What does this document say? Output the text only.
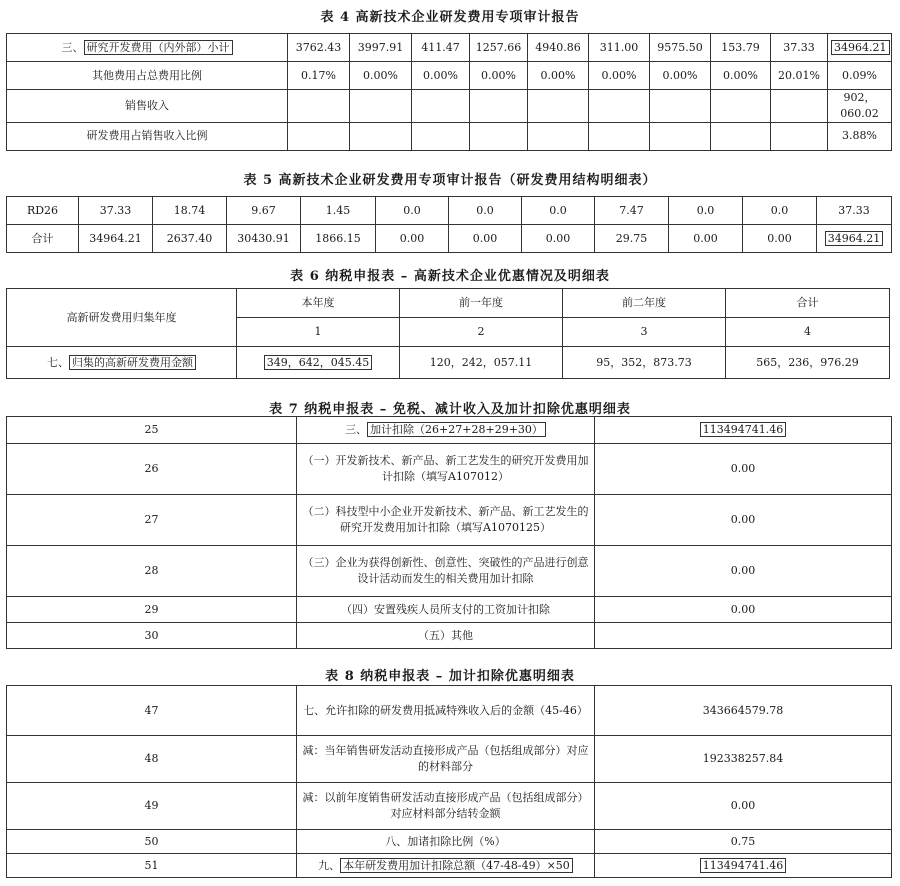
表 4 高新技术企业研发费用专项审计报告
三、 研究开发费用（内外部）小计	3762.43	3997.91	411.47	1257.66	4940.86	311.00	9575.50	153.79	37.33	34964.21
其他费用占总费用比例	0.17%	0.00%	0.00%	0.00%	0.00%	0.00%	0.00%	0.00%	20.01%	0.09%
销售收入										902，060.02
研发费用占销售收入比例										3.88%
表 5 高新技术企业研发费用专项审计报告（研发费用结构明细表）
RD26	37.33	18.74	9.67	1.45	0.0	0.0	0.0	7.47	0.0	0.0	37.33
合计	34964.21	2637.40	30430.91	1866.15	0.00	0.00	0.00	29.75	0.00	0.00	34964.21
表 6 纳税申报表 – 高新技术企业优惠情况及明细表
高新研发费用归集年度	本年度	前一年度	前二年度	合计
	1	2	3	4
七、 归集的高新研发费用金额	349，642，045.45	120，242，057.11	95，352，873.73	565，236，976.29
表 7 纳税申报表 – 免税、减计收入及加计扣除优惠明细表
25	三、 加计扣除（26+27+28+29+30）	113494741.46
26	（一）开发新技术、新产品、新工艺发生的研究开发费用加计扣除（填写A107012）	0.00
27	（二）科技型中小企业开发新技术、新产品、新工艺发生的研究开发费用加计扣除（填写A1070125）	0.00
28	（三）企业为获得创新性、创意性、突破性的产品进行创意设计活动而发生的相关费用加计扣除	0.00
29	（四）安置残疾人员所支付的工资加计扣除	0.00
30	（五）其他	
表 8 纳税申报表 – 加计扣除优惠明细表
47	七、允许扣除的研发费用抵减特殊收入后的金额（45-46）	343664579.78
48	减：当年销售研发活动直接形成产品（包括组成部分）对应的材料部分	192338257.84
49	减：以前年度销售研发活动直接形成产品（包括组成部分）对应材料部分结转金额	0.00
50	八、加诸扣除比例（%）	0.75
51	九、 本年研发费用加计扣除总额（47-48-49）×50	113494741.46
